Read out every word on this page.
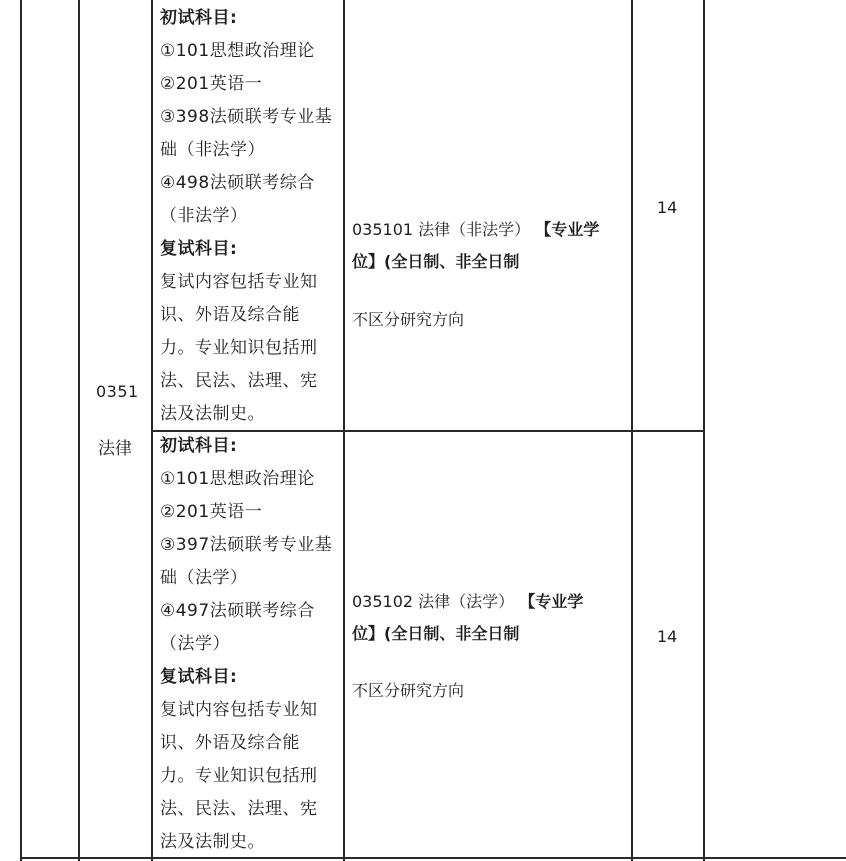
0351
法律
初试科目:
①101思想政治理论
②201英语一
③398法硕联考专业基
础（非法学）
④498法硕联考综合
（非法学）
复试科目:
复试内容包括专业知
识、外语及综合能
力。专业知识包括刑
法、民法、法理、宪
法及法制史。
035101 法律（非法学） 【专业学
位】(全日制、非全日制
不区分研究方向
14
初试科目:
①101思想政治理论
②201英语一
③397法硕联考专业基
础（法学）
④497法硕联考综合
（法学）
复试科目:
复试内容包括专业知
识、外语及综合能
力。专业知识包括刑
法、民法、法理、宪
法及法制史。
035102 法律（法学） 【专业学
位】(全日制、非全日制
不区分研究方向
14
